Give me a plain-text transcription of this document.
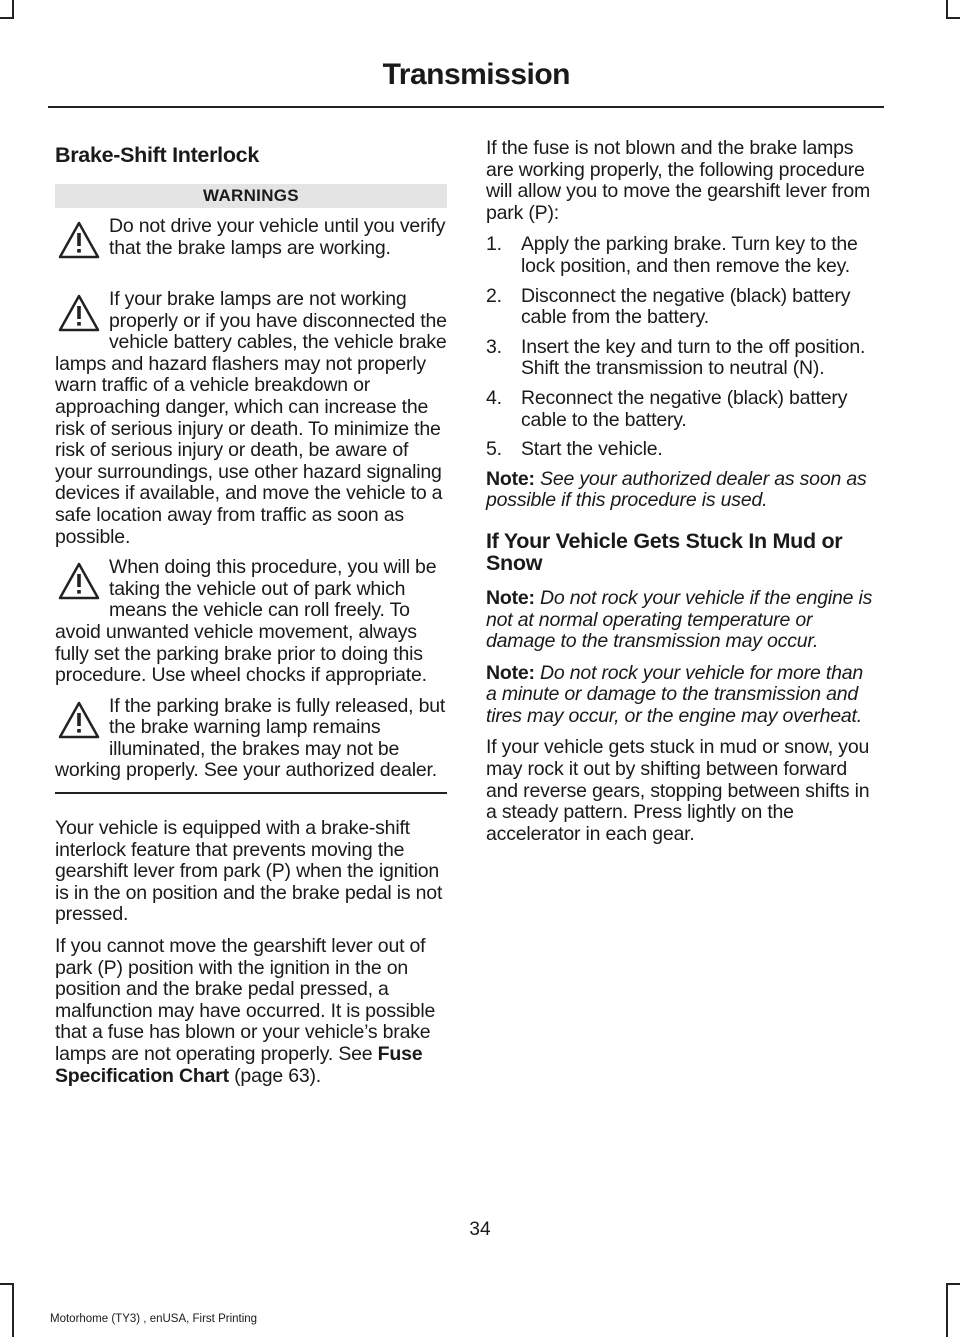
Transmission
Brake-Shift Interlock
WARNINGS
Do not drive your vehicle until you verify that the brake lamps are working.
If your brake lamps are not working properly or if you have disconnected the vehicle battery cables, the vehicle brake lamps and hazard flashers may not properly warn traffic of a vehicle breakdown or approaching danger, which can increase the risk of serious injury or death. To minimize the risk of serious injury or death, be aware of your surroundings, use other hazard signaling devices if available, and move the vehicle to a safe location away from traffic as soon as possible.
When doing this procedure, you will be taking the vehicle out of park which means the vehicle can roll freely. To avoid unwanted vehicle movement, always fully set the parking brake prior to doing this procedure. Use wheel chocks if appropriate.
If the parking brake is fully released, but the brake warning lamp remains illuminated, the brakes may not be working properly. See your authorized dealer.

Your vehicle is equipped with a brake-shift interlock feature that prevents moving the gearshift lever from park (P) when the ignition is in the on position and the brake pedal is not pressed.

If you cannot move the gearshift lever out of park (P) position with the ignition in the on position and the brake pedal pressed, a malfunction may have occurred. It is possible that a fuse has blown or your vehicle’s brake lamps are not operating properly. See Fuse Specification Chart (page 63).

If the fuse is not blown and the brake lamps are working properly, the following procedure will allow you to move the gearshift lever from park (P):

1. Apply the parking brake. Turn key to the lock position, and then remove the key.
2. Disconnect the negative (black) battery cable from the battery.
3. Insert the key and turn to the off position. Shift the transmission to neutral (N).
4. Reconnect the negative (black) battery cable to the battery.
5. Start the vehicle.

Note: See your authorized dealer as soon as possible if this procedure is used.

If Your Vehicle Gets Stuck In Mud or Snow

Note: Do not rock your vehicle if the engine is not at normal operating temperature or damage to the transmission may occur.

Note: Do not rock your vehicle for more than a minute or damage to the transmission and tires may occur, or the engine may overheat.

If your vehicle gets stuck in mud or snow, you may rock it out by shifting between forward and reverse gears, stopping between shifts in a steady pattern. Press lightly on the accelerator in each gear.

34
Motorhome (TY3) , enUSA, First Printing
